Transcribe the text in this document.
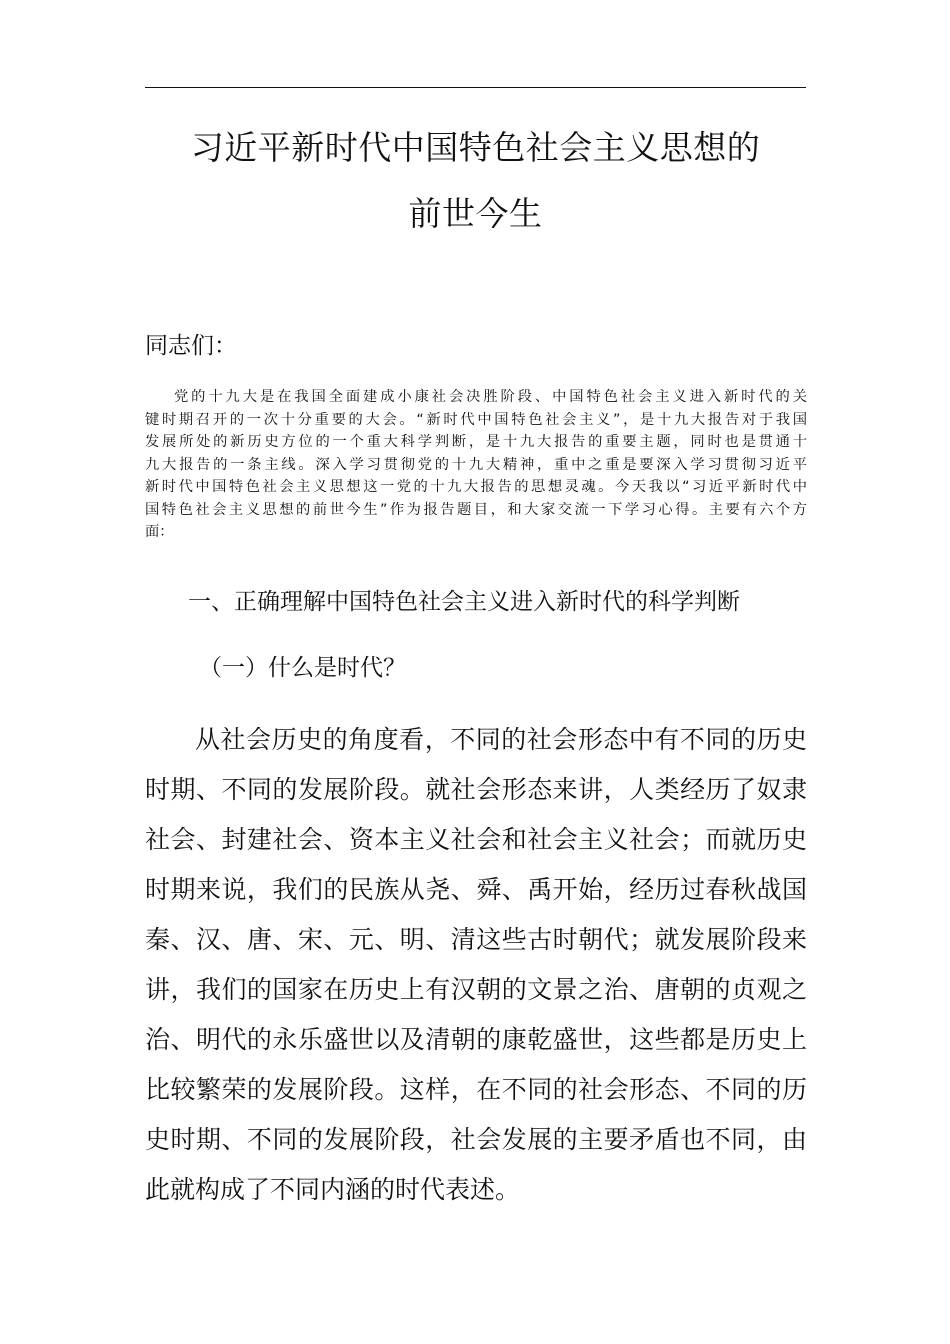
习近平新时代中国特色社会主义思想的
前世今生
同志们：
党的十九大是在我国全面建成小康社会决胜阶段、中国特色社会主义进入新时代的关
键时期召开的一次十分重要的大会。“新时代中国特色社会主义”，是十九大报告对于我国
发展所处的新历史方位的一个重大科学判断，是十九大报告的重要主题，同时也是贯通十
九大报告的一条主线。深入学习贯彻党的十九大精神，重中之重是要深入学习贯彻习近平
新时代中国特色社会主义思想这一党的十九大报告的思想灵魂。今天我以“习近平新时代中
国特色社会主义思想的前世今生”作为报告题目，和大家交流一下学习心得。主要有六个方
面：
一、正确理解中国特色社会主义进入新时代的科学判断
（一）什么是时代？
从社会历史的角度看，不同的社会形态中有不同的历史
时期、不同的发展阶段。就社会形态来讲，人类经历了奴隶
社会、封建社会、资本主义社会和社会主义社会；而就历史
时期来说，我们的民族从尧、舜、禹开始，经历过春秋战国
秦、汉、唐、宋、元、明、清这些古时朝代；就发展阶段来
讲，我们的国家在历史上有汉朝的文景之治、唐朝的贞观之
治、明代的永乐盛世以及清朝的康乾盛世，这些都是历史上
比较繁荣的发展阶段。这样，在不同的社会形态、不同的历
史时期、不同的发展阶段，社会发展的主要矛盾也不同，由
此就构成了不同内涵的时代表述。
